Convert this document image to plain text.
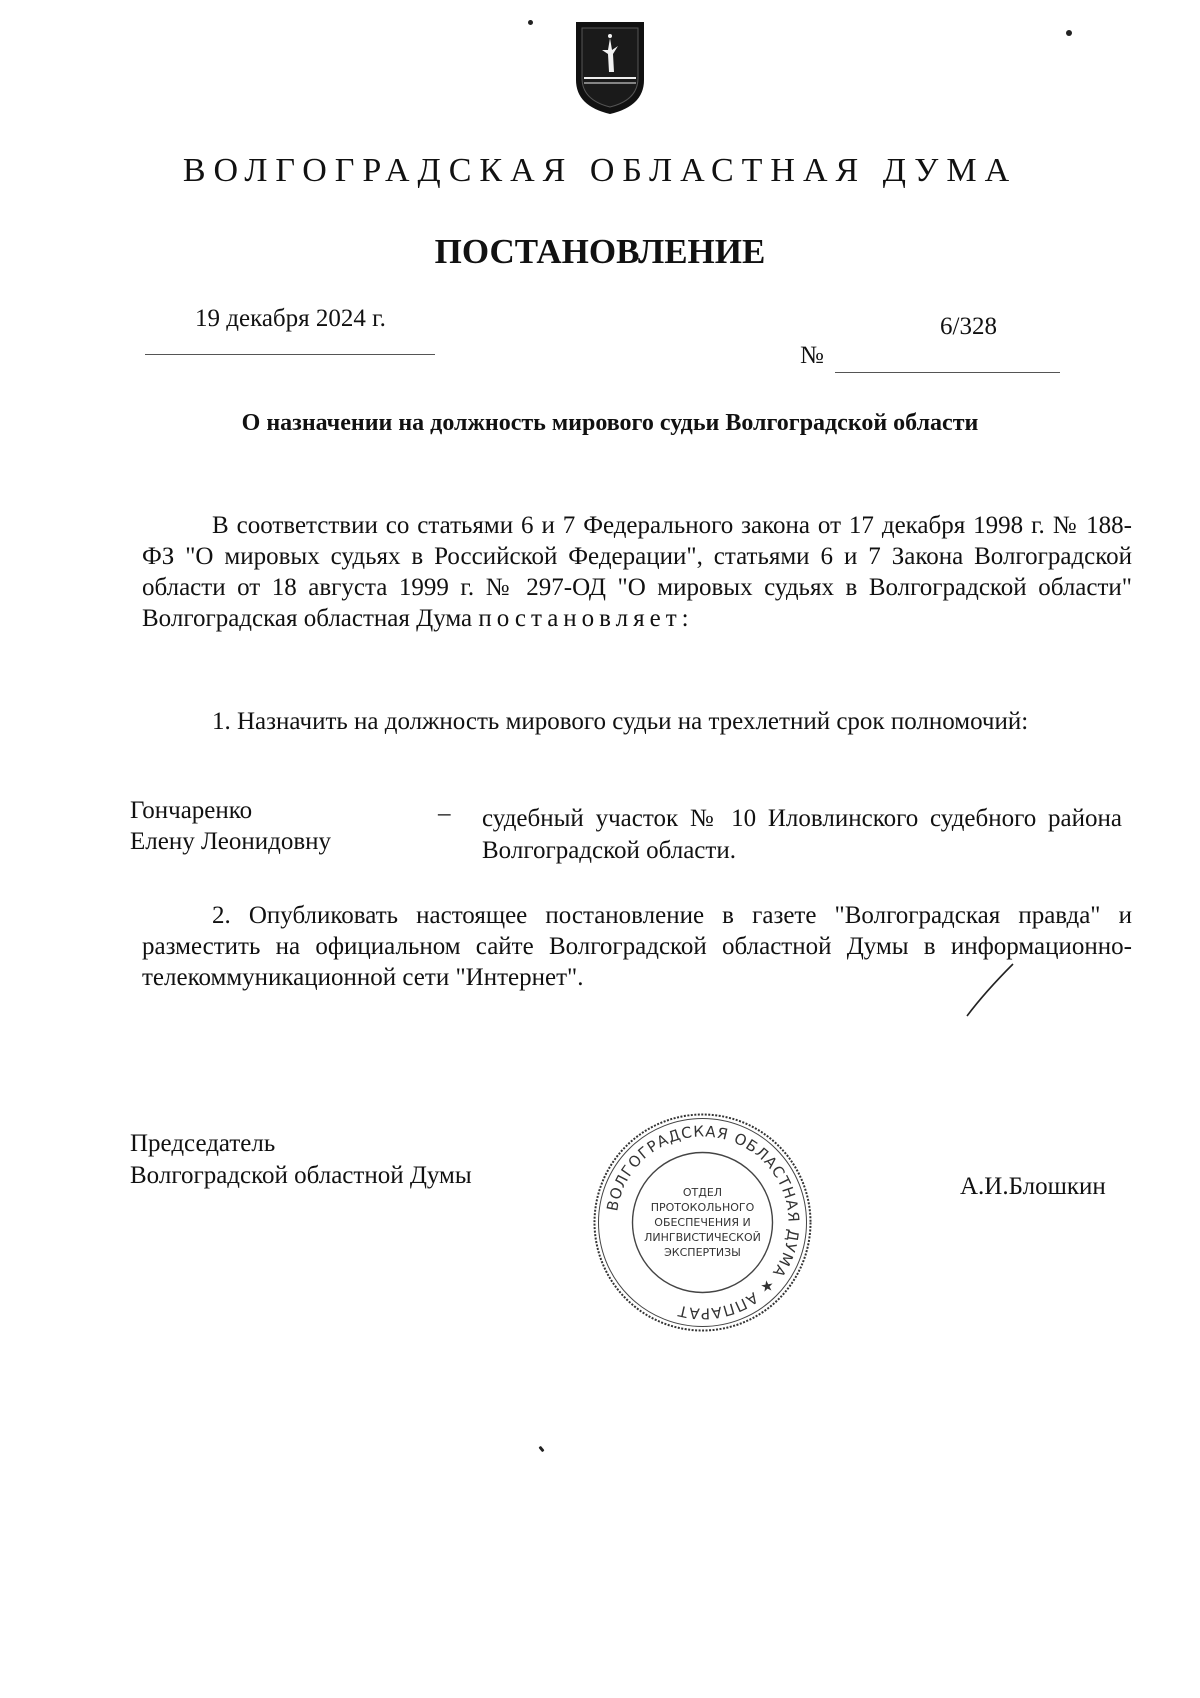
ВОЛГОГРАДСКАЯ ОБЛАСТНАЯ ДУМА
ПОСТАНОВЛЕНИЕ
19 декабря 2024 г.
№
6/328
О назначении на должность мирового судьи Волгоградской области
В соответствии со статьями 6 и 7 Федерального закона от 17 декабря 1998 г. № 188-ФЗ "О мировых судьях в Российской Федерации", статьями 6 и 7 Закона Волгоградской области от 18 августа 1999 г. № 297-ОД "О мировых судьях в Волгоградской области" Волгоградская областная Дума постановляет:
1. Назначить на должность мирового судьи на трехлетний срок полномочий:
Гончаренко
Елену Леонидовну
– судебный участок № 10 Иловлинского судебного района Волгоградской области.
2. Опубликовать настоящее постановление в газете "Волгоградская правда" и разместить на официальном сайте Волгоградской областной Думы в информационно-телекоммуникационной сети "Интернет".
Председатель
Волгоградской областной Думы	А.И.Блошкин
ВОЛГОГРАДСКАЯ ОБЛАСТНАЯ ДУМА ★ АППАРАТ
ОТДЕЛ
ПРОТОКОЛЬНОГО
ОБЕСПЕЧЕНИЯ И
ЛИНГВИСТИЧЕСКОЙ
ЭКСПЕРТИЗЫ
